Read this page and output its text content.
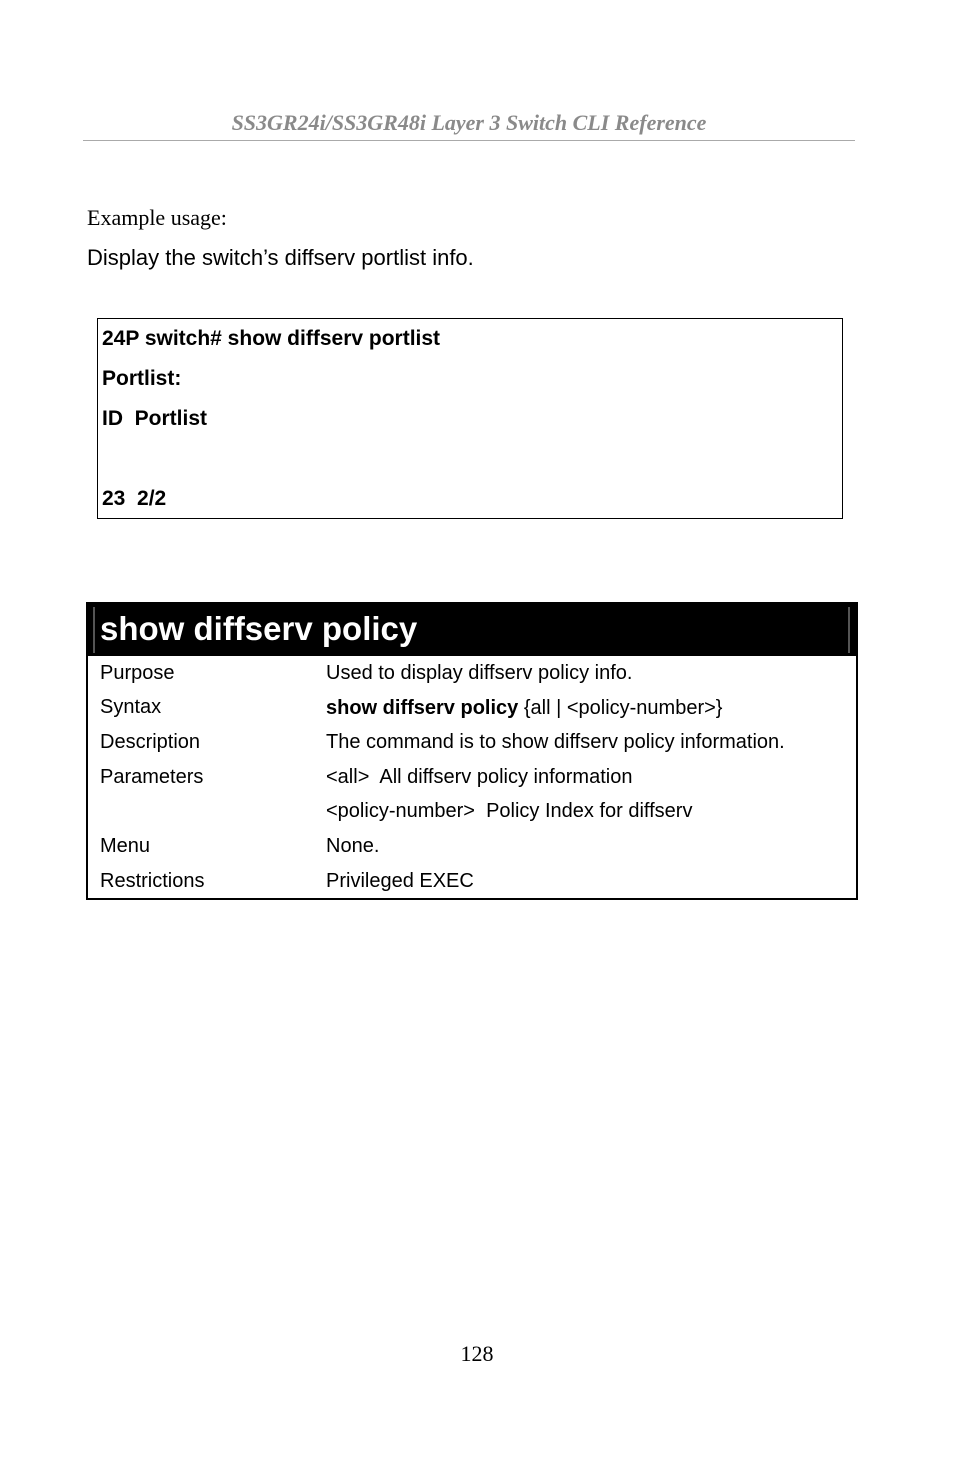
SS3GR24i/SS3GR48i Layer 3 Switch CLI Reference
Example usage:
Display the switch’s diffserv portlist info.
24P switch# show diffserv portlist
Portlist:
ID  Portlist
23  2/2
show diffserv policy
Purpose	Used to display diffserv policy info.
Syntax	show diffserv policy {all | <policy-number>}
Description	The command is to show diffserv policy information.
Parameters	<all>  All diffserv policy information
<policy-number>  Policy Index for diffserv
Menu	None.
Restrictions	Privileged EXEC
128
